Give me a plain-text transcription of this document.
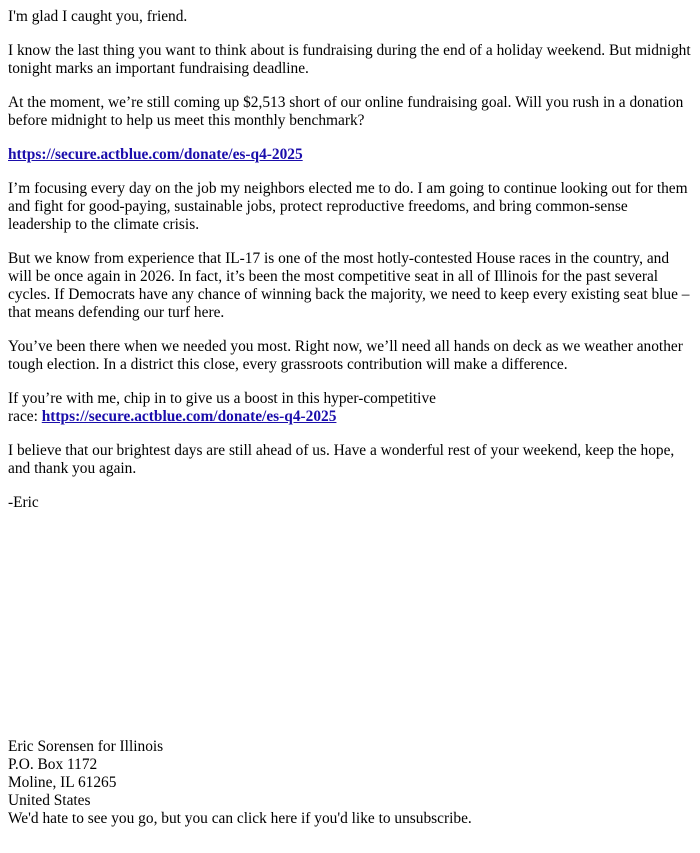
I'm glad I caught you, friend.

I know the last thing you want to think about is fundraising during the end of a holiday weekend. But midnight tonight marks an important fundraising deadline.

At the moment, we’re still coming up $2,513 short of our online fundraising goal. Will you rush in a donation before midnight to help us meet this monthly benchmark?

https://secure.actblue.com/donate/es-q4-2025

I’m focusing every day on the job my neighbors elected me to do. I am going to continue looking out for them and fight for good-paying, sustainable jobs, protect reproductive freedoms, and bring common-sense leadership to the climate crisis.

But we know from experience that IL-17 is one of the most hotly-contested House races in the country, and will be once again in 2026. In fact, it’s been the most competitive seat in all of Illinois for the past several cycles. If Democrats have any chance of winning back the majority, we need to keep every existing seat blue – that means defending our turf here.

You’ve been there when we needed you most. Right now, we’ll need all hands on deck as we weather another tough election. In a district this close, every grassroots contribution will make a difference.

If you’re with me, chip in to give us a boost in this hyper-competitive
race: https://secure.actblue.com/donate/es-q4-2025

I believe that our brightest days are still ahead of us. Have a wonderful rest of your weekend, keep the hope, and thank you again.

-Eric

Eric Sorensen for Illinois
P.O. Box 1172
Moline, IL 61265
United States
We'd hate to see you go, but you can click here if you'd like to unsubscribe.
